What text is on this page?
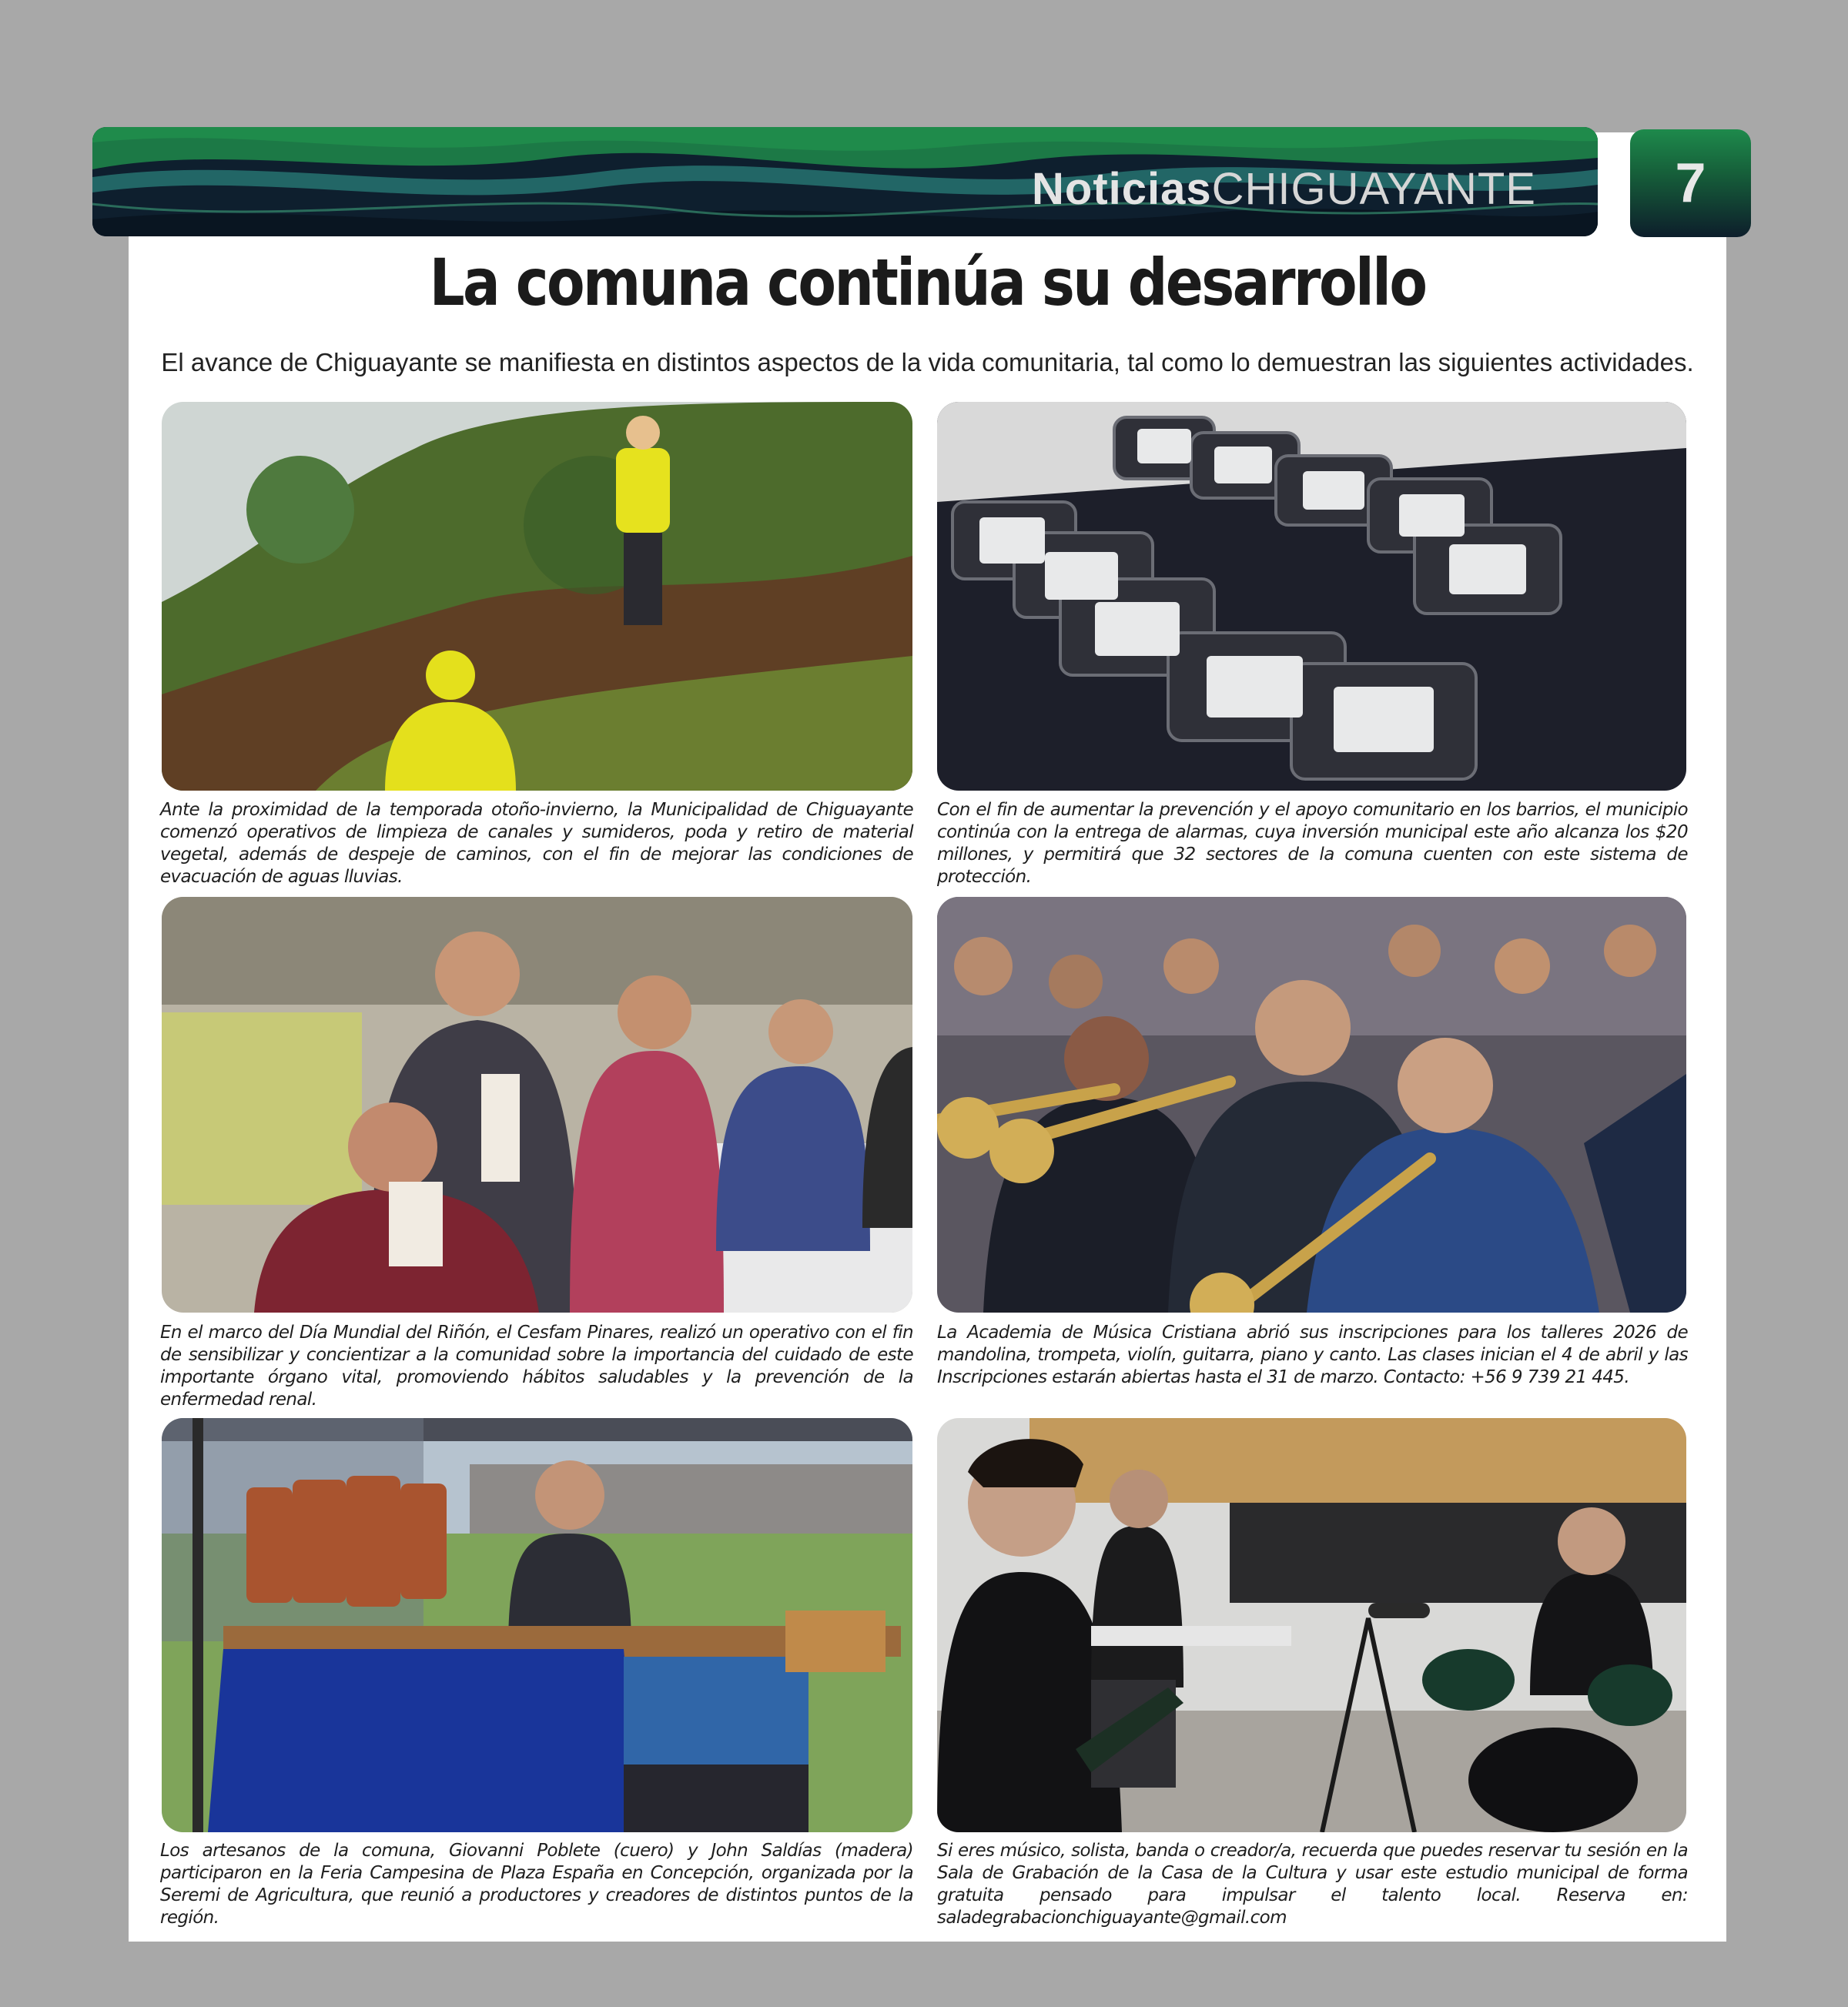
NoticiasCHIGUAYANTE	7
La comuna continúa su desarrollo
El avance de Chiguayante se manifiesta en distintos aspectos de la vida comunitaria, tal como lo demuestran las siguientes actividades.
Ante la proximidad de la temporada otoño-invierno, la Municipalidad de Chiguayante comenzó operativos de limpieza de canales y sumideros, poda y retiro de material vegetal, además de despeje de caminos, con el fin de mejorar las condiciones de evacuación de aguas lluvias.
Con el fin de aumentar la prevención y el apoyo comunitario en los barrios, el municipio continúa con la entrega de alarmas, cuya inversión municipal este año alcanza los $20 millones, y permitirá que 32 sectores de la comuna cuenten con este sistema de protección.
En el marco del Día Mundial del Riñón, el Cesfam Pinares, realizó un operativo con el fin de sensibilizar y concientizar a la comunidad sobre la importancia del cuidado de este importante órgano vital, promoviendo hábitos saludables y la prevención de la enfermedad renal.
La Academia de Música Cristiana abrió sus inscripciones para los talleres 2026 de mandolina, trompeta, violín, guitarra, piano y canto. Las clases inician el 4 de abril y las Inscripciones estarán abiertas hasta el 31 de marzo. Contacto: +56 9 739 21 445.
Los artesanos de la comuna, Giovanni Poblete (cuero) y John Saldías (madera) participaron en la Feria Campesina de Plaza España en Concepción, organizada por la Seremi de Agricultura, que reunió a productores y creadores de distintos puntos de la región.
Si eres músico, solista, banda o creador/a, recuerda que puedes reservar tu sesión en la Sala de Grabación de la Casa de la Cultura y usar este estudio municipal de forma gratuita pensado para impulsar el talento local. Reserva en: saladegrabacionchiguayante@gmail.com
